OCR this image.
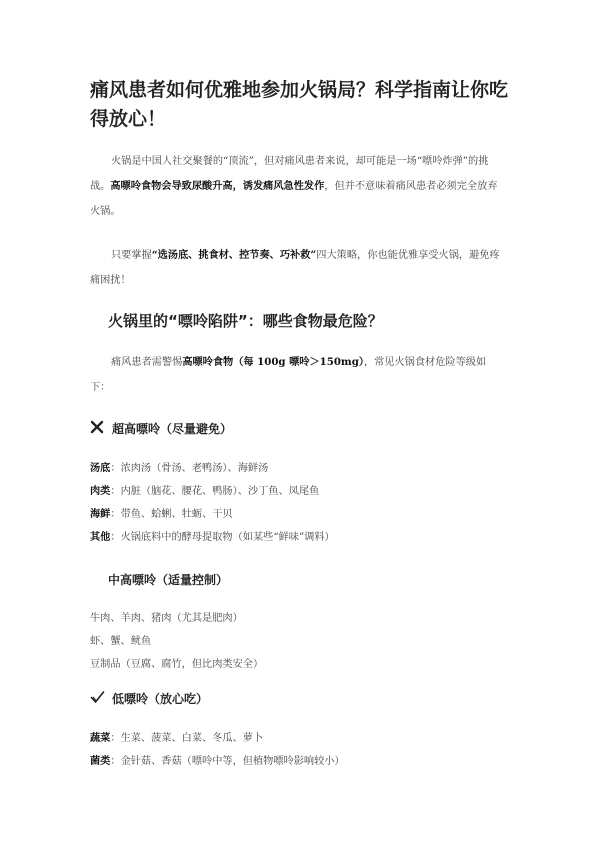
痛风患者如何优雅地参加火锅局？科学指南让你吃得放心！

火锅是中国人社交聚餐的“顶流”，但对痛风患者来说，却可能是一场“嘌呤炸弹”的挑战。高嘌呤食物会导致尿酸升高，诱发痛风急性发作，但并不意味着痛风患者必须完全放弃火锅。

只要掌握“选汤底、挑食材、控节奏、巧补救”四大策略，你也能优雅享受火锅，避免疼痛困扰！

火锅里的“嘌呤陷阱”：哪些食物最危险？

痛风患者需警惕高嘌呤食物（每 100g 嘌呤＞150mg），常见火锅食材危险等级如下：

超高嘌呤（尽量避免）
汤底：浓肉汤（骨汤、老鸭汤）、海鲜汤
肉类：内脏（脑花、腰花、鸭肠）、沙丁鱼、凤尾鱼
海鲜：带鱼、蛤蜊、牡蛎、干贝
其他：火锅底料中的酵母提取物（如某些“鲜味”调料）
中高嘌呤（适量控制）
牛肉、羊肉、猪肉（尤其是肥肉）
虾、蟹、鱿鱼
豆制品（豆腐、腐竹，但比肉类安全）
低嘌呤（放心吃）
蔬菜：生菜、菠菜、白菜、冬瓜、萝卜
菌类：金针菇、香菇（嘌呤中等，但植物嘌呤影响较小）
